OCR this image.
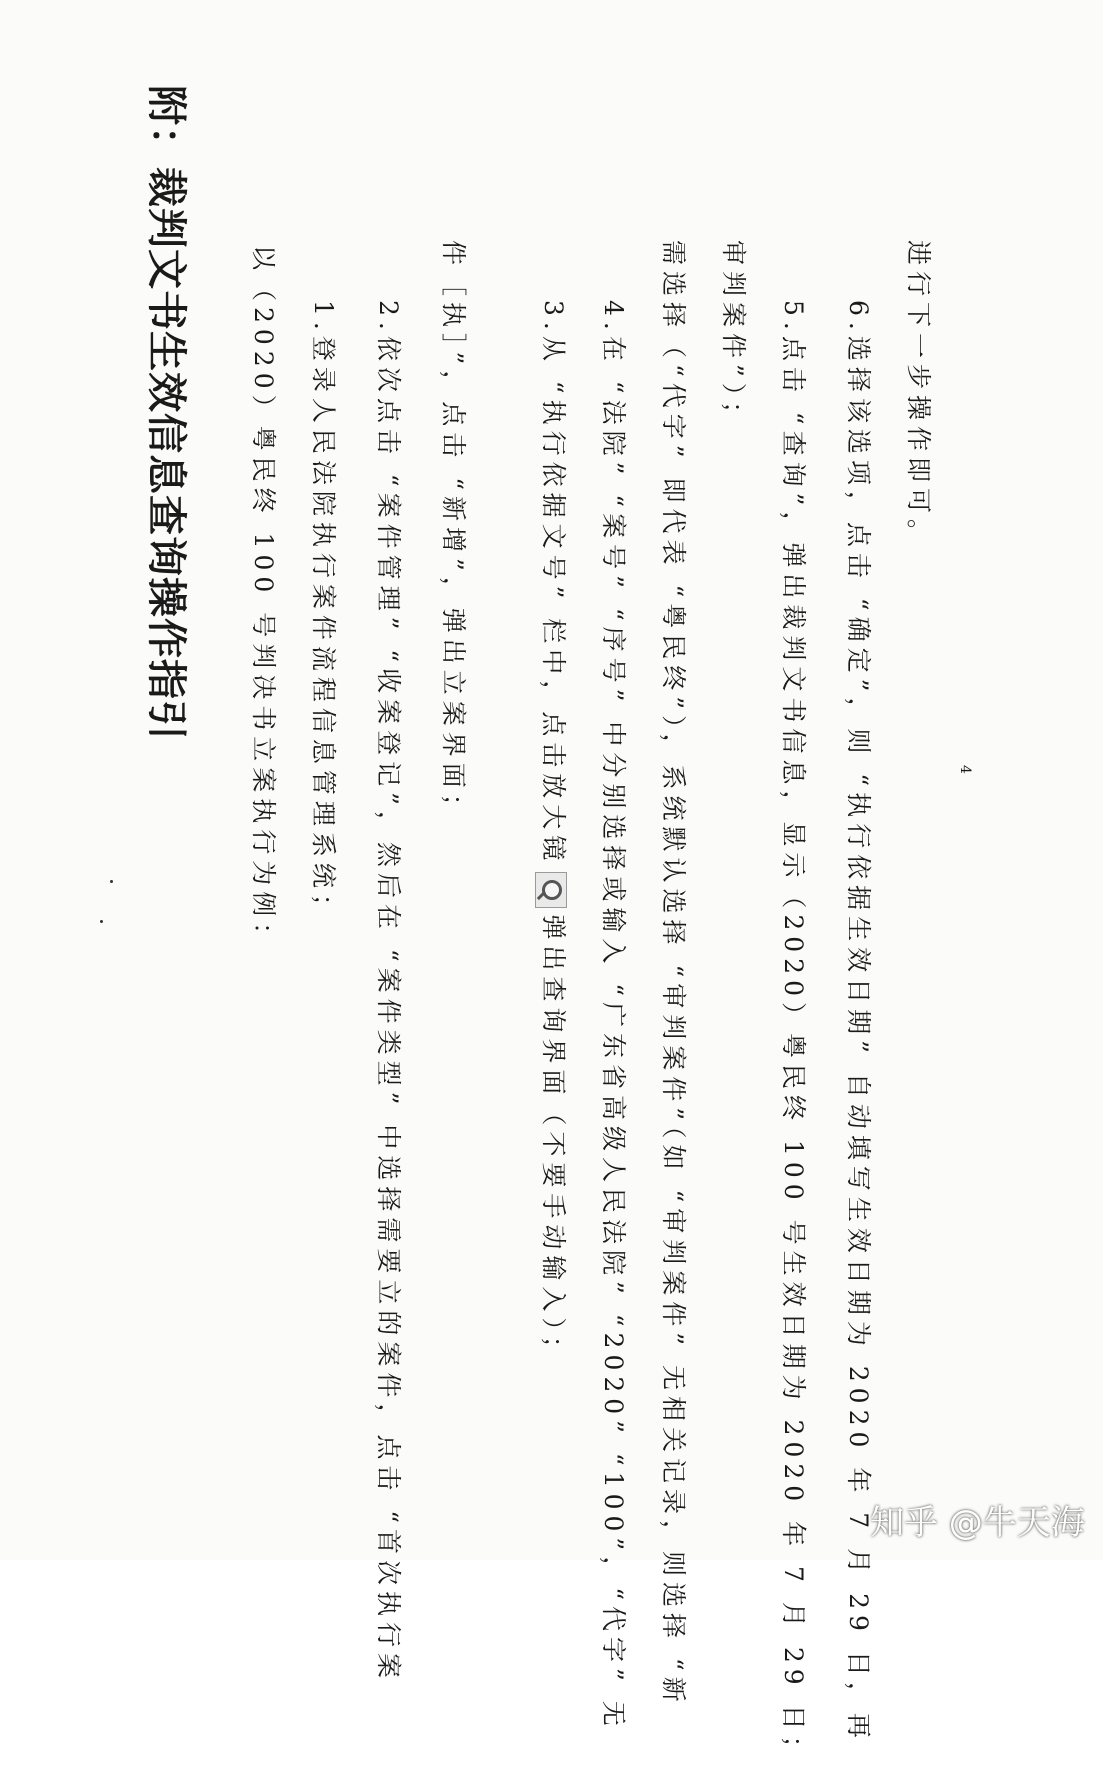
附：裁判文书生效信息查询操作指引	以（2020）粤民终 100 号判决书立案执行为例： 1.登录人民法院执行案件流程信息管理系统； 2.依次点击 “案件管理” “收案登记”，然后在 “案件类型” 中选择需要立的案件，点击 “首次执行案 件［执］”，点击 “新增”，弹出立案界面；	3.从 “执行依据文号” 栏中，点击放大镜
弹出查询界面（不要手动输入）； 4.在 “法院” “案号” “序号” 中分别选择或输入 “广东省高级人民法院” “2020” “100”，“代字” 无 需选择（“代字” 即代表 “粤民终”），系统默认选择 “审判案件”（如 “审判案件” 无相关记录，则选择 “新 审判案件”）； 5.点击 “查询”，弹出裁判文书信息，显示（2020）粤民终 100 号生效日期为 2020 年 7 月 29 日； 6.选择该选项，点击 “确定”，则 “执行依据生效日期” 自动填写生效日期为 2020 年 7 月 29 日，再 进行下一步操作即可。
4
知乎 @牛天海
